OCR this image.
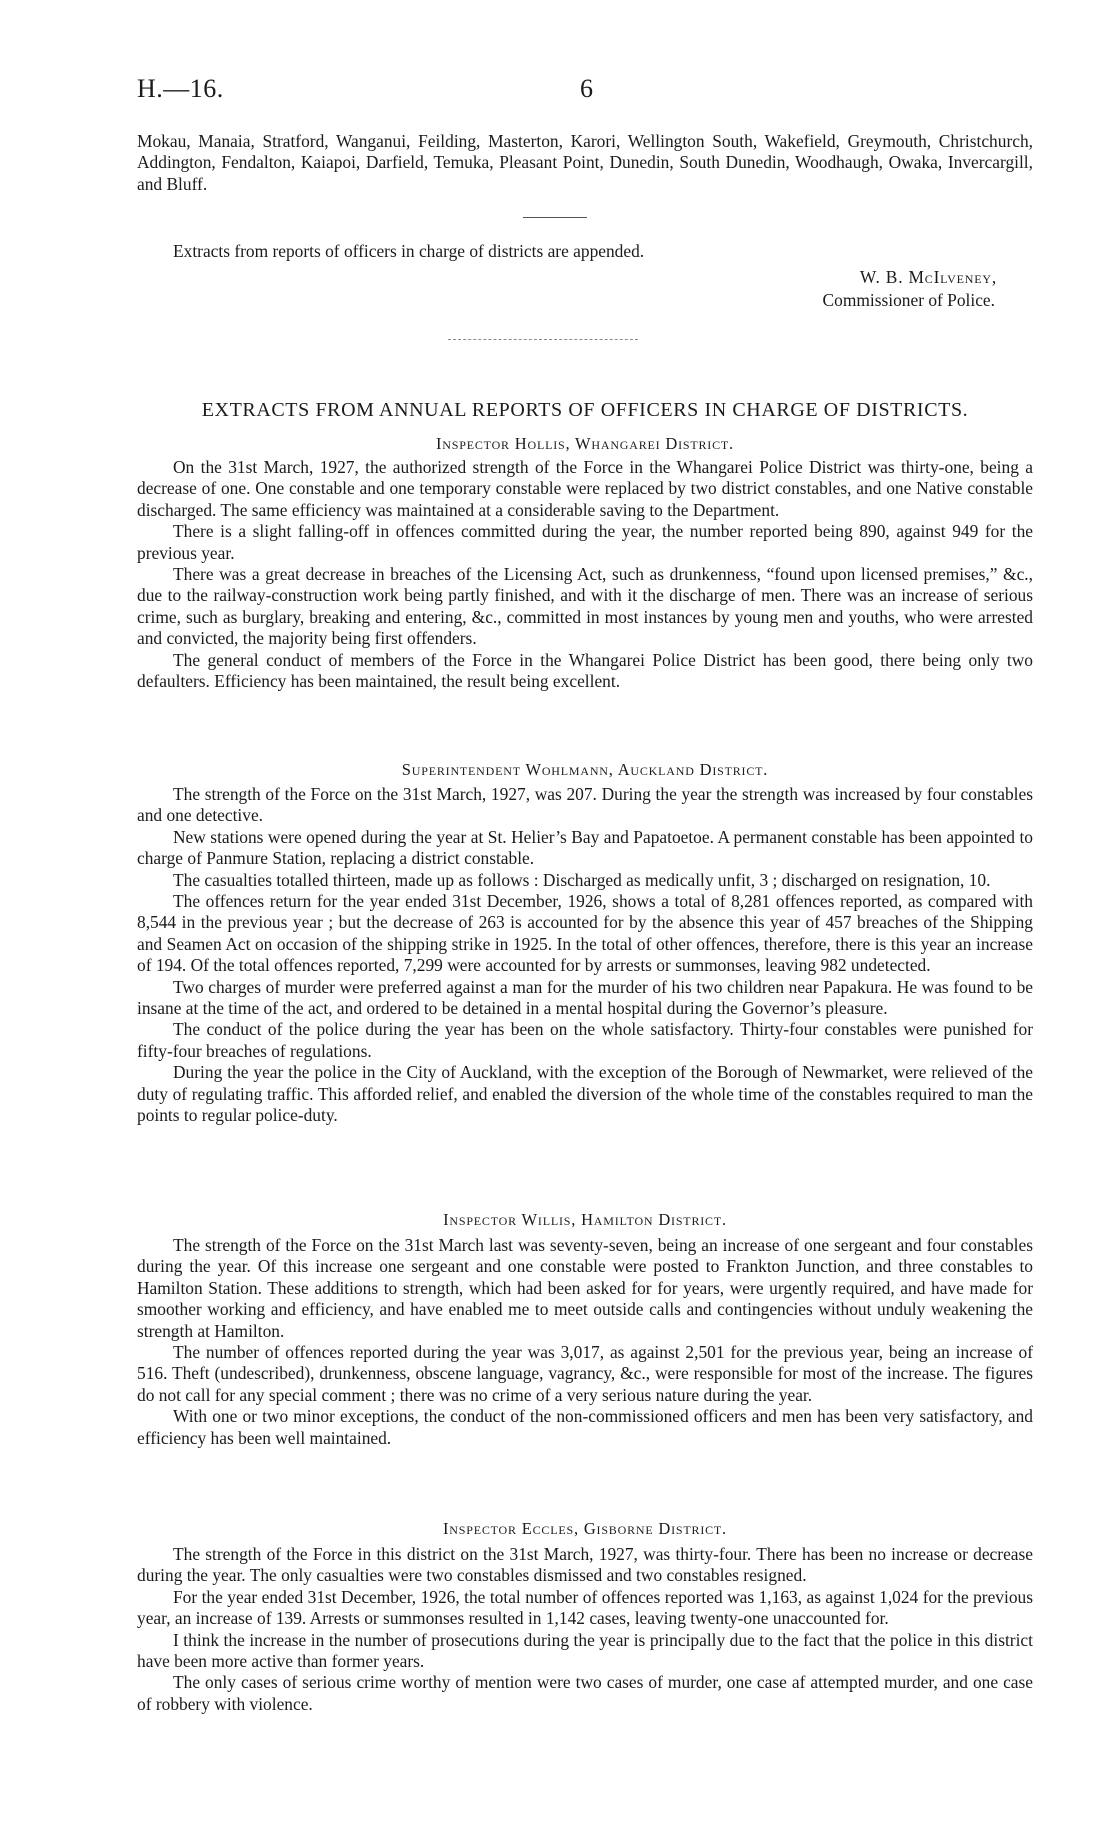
H.—16.	6

Mokau, Manaia, Stratford, Wanganui, Feilding, Masterton, Karori, Wellington South, Wakefield, Greymouth, Christchurch, Addington, Fendalton, Kaiapoi, Darfield, Temuka, Pleasant Point, Dunedin, South Dunedin, Woodhaugh, Owaka, Invercargill, and Bluff.

Extracts from reports of officers in charge of districts are appended.

W. B. McIlveney,
Commissioner of Police.
EXTRACTS FROM ANNUAL REPORTS OF OFFICERS IN CHARGE OF DISTRICTS.
Inspector Hollis, Whangarei District.

On the 31st March, 1927, the authorized strength of the Force in the Whangarei Police District was thirty-one, being a decrease of one. One constable and one temporary constable were replaced by two district constables, and one Native constable discharged. The same efficiency was maintained at a considerable saving to the Department.

There is a slight falling-off in offences committed during the year, the number reported being 890, against 949 for the previous year.

There was a great decrease in breaches of the Licensing Act, such as drunkenness, “found upon licensed premises,” &c., due to the railway-construction work being partly finished, and with it the discharge of men. There was an increase of serious crime, such as burglary, breaking and entering, &c., committed in most instances by young men and youths, who were arrested and convicted, the majority being first offenders.

The general conduct of members of the Force in the Whangarei Police District has been good, there being only two defaulters. Efficiency has been maintained, the result being excellent.

Superintendent Wohlmann, Auckland District.

The strength of the Force on the 31st March, 1927, was 207. During the year the strength was increased by four constables and one detective.

New stations were opened during the year at St. Helier’s Bay and Papatoetoe. A permanent constable has been appointed to charge of Panmure Station, replacing a district constable.

The casualties totalled thirteen, made up as follows : Discharged as medically unfit, 3 ; discharged on resignation, 10.

The offences return for the year ended 31st December, 1926, shows a total of 8,281 offences reported, as compared with 8,544 in the previous year ; but the decrease of 263 is accounted for by the absence this year of 457 breaches of the Shipping and Seamen Act on occasion of the shipping strike in 1925. In the total of other offences, therefore, there is this year an increase of 194. Of the total offences reported, 7,299 were accounted for by arrests or summonses, leaving 982 undetected.

Two charges of murder were preferred against a man for the murder of his two children near Papakura. He was found to be insane at the time of the act, and ordered to be detained in a mental hospital during the Governor’s pleasure.

The conduct of the police during the year has been on the whole satisfactory. Thirty-four constables were punished for fifty-four breaches of regulations.

During the year the police in the City of Auckland, with the exception of the Borough of Newmarket, were relieved of the duty of regulating traffic. This afforded relief, and enabled the diversion of the whole time of the constables required to man the points to regular police-duty.

Inspector Willis, Hamilton District.

The strength of the Force on the 31st March last was seventy-seven, being an increase of one sergeant and four constables during the year. Of this increase one sergeant and one constable were posted to Frankton Junction, and three constables to Hamilton Station. These additions to strength, which had been asked for for years, were urgently required, and have made for smoother working and efficiency, and have enabled me to meet outside calls and contingencies without unduly weakening the strength at Hamilton.

The number of offences reported during the year was 3,017, as against 2,501 for the previous year, being an increase of 516. Theft (undescribed), drunkenness, obscene language, vagrancy, &c., were responsible for most of the increase. The figures do not call for any special comment ; there was no crime of a very serious nature during the year.

With one or two minor exceptions, the conduct of the non-commissioned officers and men has been very satisfactory, and efficiency has been well maintained.

Inspector Eccles, Gisborne District.

The strength of the Force in this district on the 31st March, 1927, was thirty-four. There has been no increase or decrease during the year. The only casualties were two constables dismissed and two constables resigned.

For the year ended 31st December, 1926, the total number of offences reported was 1,163, as against 1,024 for the previous year, an increase of 139. Arrests or summonses resulted in 1,142 cases, leaving twenty-one unaccounted for.

I think the increase in the number of prosecutions during the year is principally due to the fact that the police in this district have been more active than former years.

The only cases of serious crime worthy of mention were two cases of murder, one case af attempted murder, and one case of robbery with violence.
